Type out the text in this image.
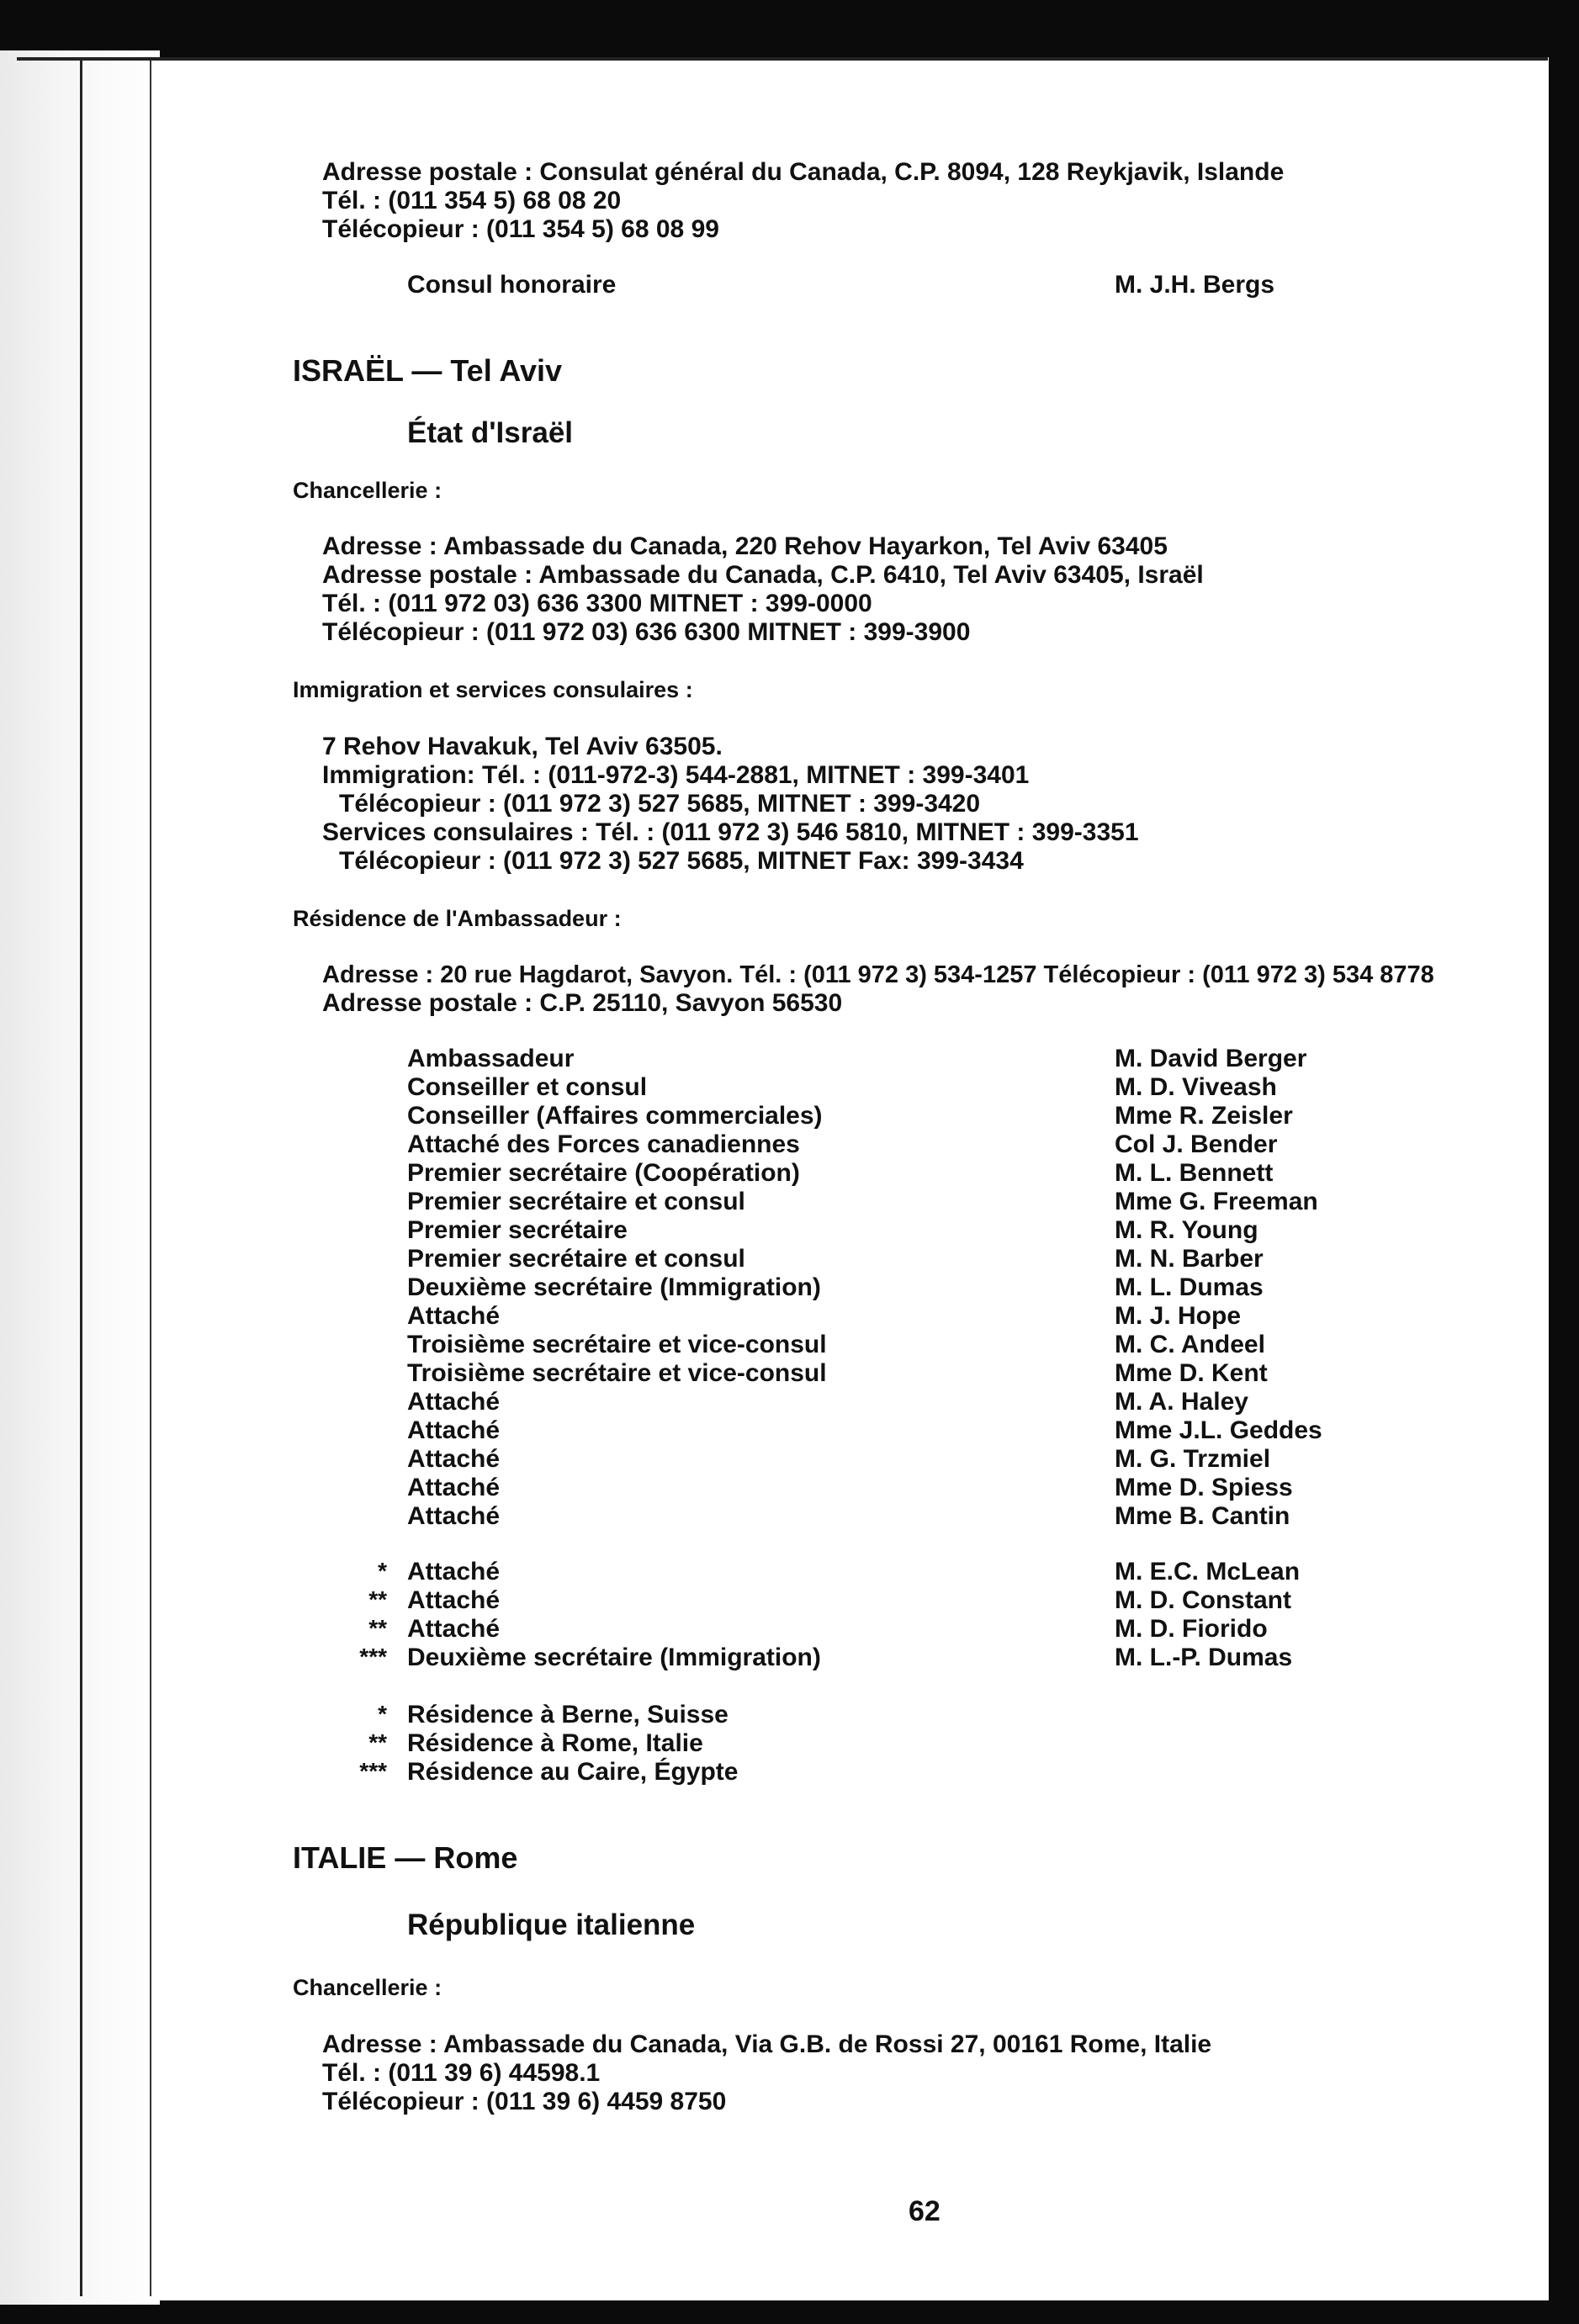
Adresse postale : Consulat général du Canada, C.P. 8094, 128 Reykjavik, Islande
Tél. : (011 354 5) 68 08 20
Télécopieur : (011 354 5) 68 08 99
Consul honoraire	M. J.H. Bergs
ISRAËL — Tel Aviv
État d'Israël
Chancellerie :
Adresse : Ambassade du Canada, 220 Rehov Hayarkon, Tel Aviv 63405
Adresse postale : Ambassade du Canada, C.P. 6410, Tel Aviv 63405, Israël
Tél. : (011 972 03) 636 3300 MITNET : 399-0000
Télécopieur : (011 972 03) 636 6300 MITNET : 399-3900
Immigration et services consulaires :
7 Rehov Havakuk, Tel Aviv 63505.
Immigration: Tél. : (011-972-3) 544-2881, MITNET : 399-3401
Télécopieur : (011 972 3) 527 5685, MITNET : 399-3420
Services consulaires : Tél. : (011 972 3) 546 5810, MITNET : 399-3351
Télécopieur : (011 972 3) 527 5685, MITNET Fax: 399-3434
Résidence de l'Ambassadeur :
Adresse : 20 rue Hagdarot, Savyon. Tél. : (011 972 3) 534-1257 Télécopieur : (011 972 3) 534 8778
Adresse postale : C.P. 25110, Savyon 56530
Ambassadeur	M. David Berger
Conseiller et consul	M. D. Viveash
Conseiller (Affaires commerciales)	Mme R. Zeisler
Attaché des Forces canadiennes	Col J. Bender
Premier secrétaire (Coopération)	M. L. Bennett
Premier secrétaire et consul	Mme G. Freeman
Premier secrétaire	M. R. Young
Premier secrétaire et consul	M. N. Barber
Deuxième secrétaire (Immigration)	M. L. Dumas
Attaché	M. J. Hope
Troisième secrétaire et vice-consul	M. C. Andeel
Troisième secrétaire et vice-consul	Mme D. Kent
Attaché	M. A. Haley
Attaché	Mme J.L. Geddes
Attaché	M. G. Trzmiel
Attaché	Mme D. Spiess
Attaché	Mme B. Cantin
* Attaché	M. E.C. McLean
** Attaché	M. D. Constant
** Attaché	M. D. Fiorido
*** Deuxième secrétaire (Immigration)	M. L.-P. Dumas
* Résidence à Berne, Suisse
** Résidence à Rome, Italie
*** Résidence au Caire, Égypte
ITALIE — Rome
République italienne
Chancellerie :
Adresse : Ambassade du Canada, Via G.B. de Rossi 27, 00161 Rome, Italie
Tél. : (011 39 6) 44598.1
Télécopieur : (011 39 6) 4459 8750
62
